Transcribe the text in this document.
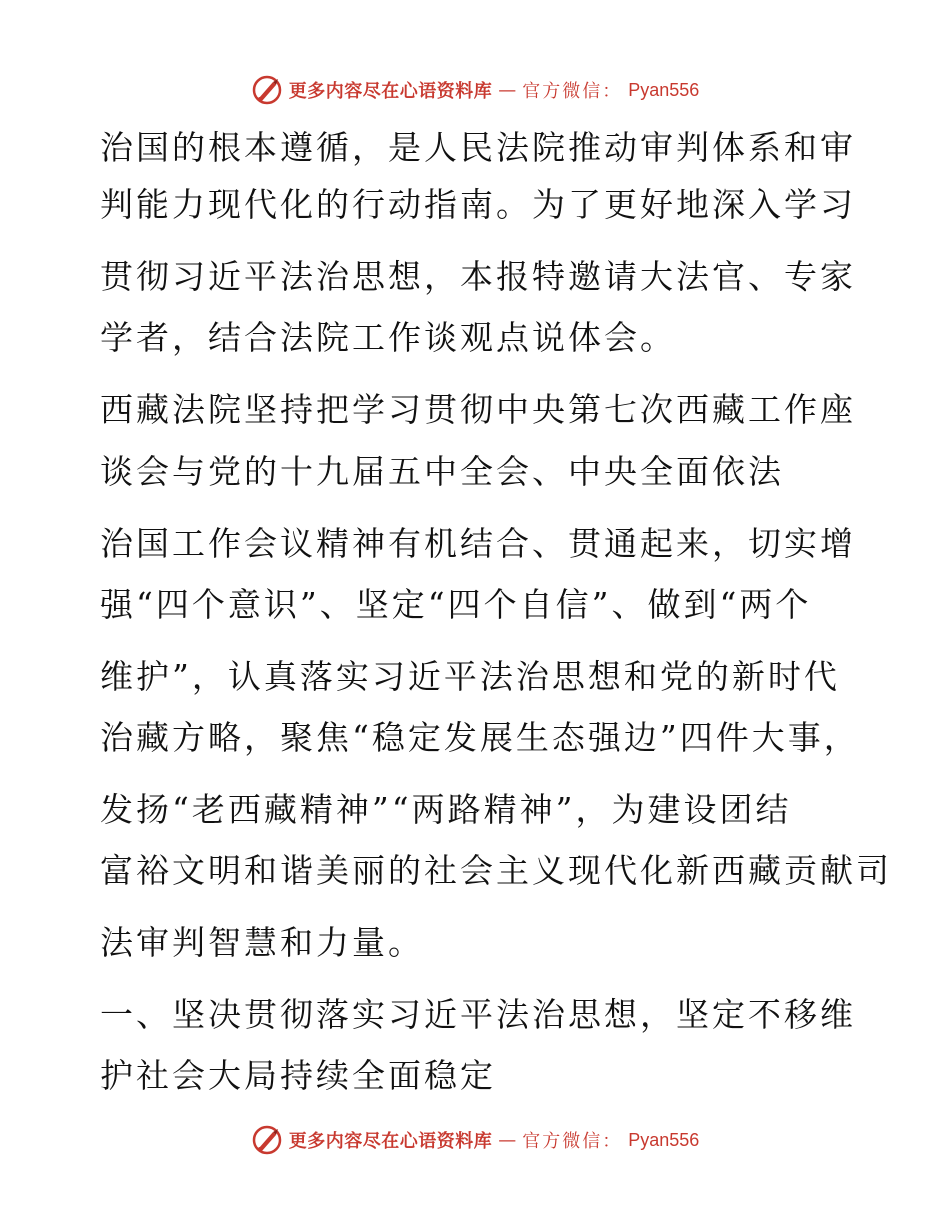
更多内容尽在心语资料库 — 官方微信： Pyan556
治国的根本遵循，是人民法院推动审判体系和审
判能力现代化的行动指南。为了更好地深入学习
贯彻习近平法治思想，本报特邀请大法官、专家
学者，结合法院工作谈观点说体会。
西藏法院坚持把学习贯彻中央第七次西藏工作座
谈会与党的十九届五中全会、中央全面依法
治国工作会议精神有机结合、贯通起来，切实增
强“四个意识”、坚定“四个自信”、做到“两个
维护”，认真落实习近平法治思想和党的新时代
治藏方略，聚焦“稳定发展生态强边”四件大事，
发扬“老西藏精神”“两路精神”，为建设团结
富裕文明和谐美丽的社会主义现代化新西藏贡献司
法审判智慧和力量。
一、坚决贯彻落实习近平法治思想，坚定不移维
护社会大局持续全面稳定
更多内容尽在心语资料库 — 官方微信： Pyan556
